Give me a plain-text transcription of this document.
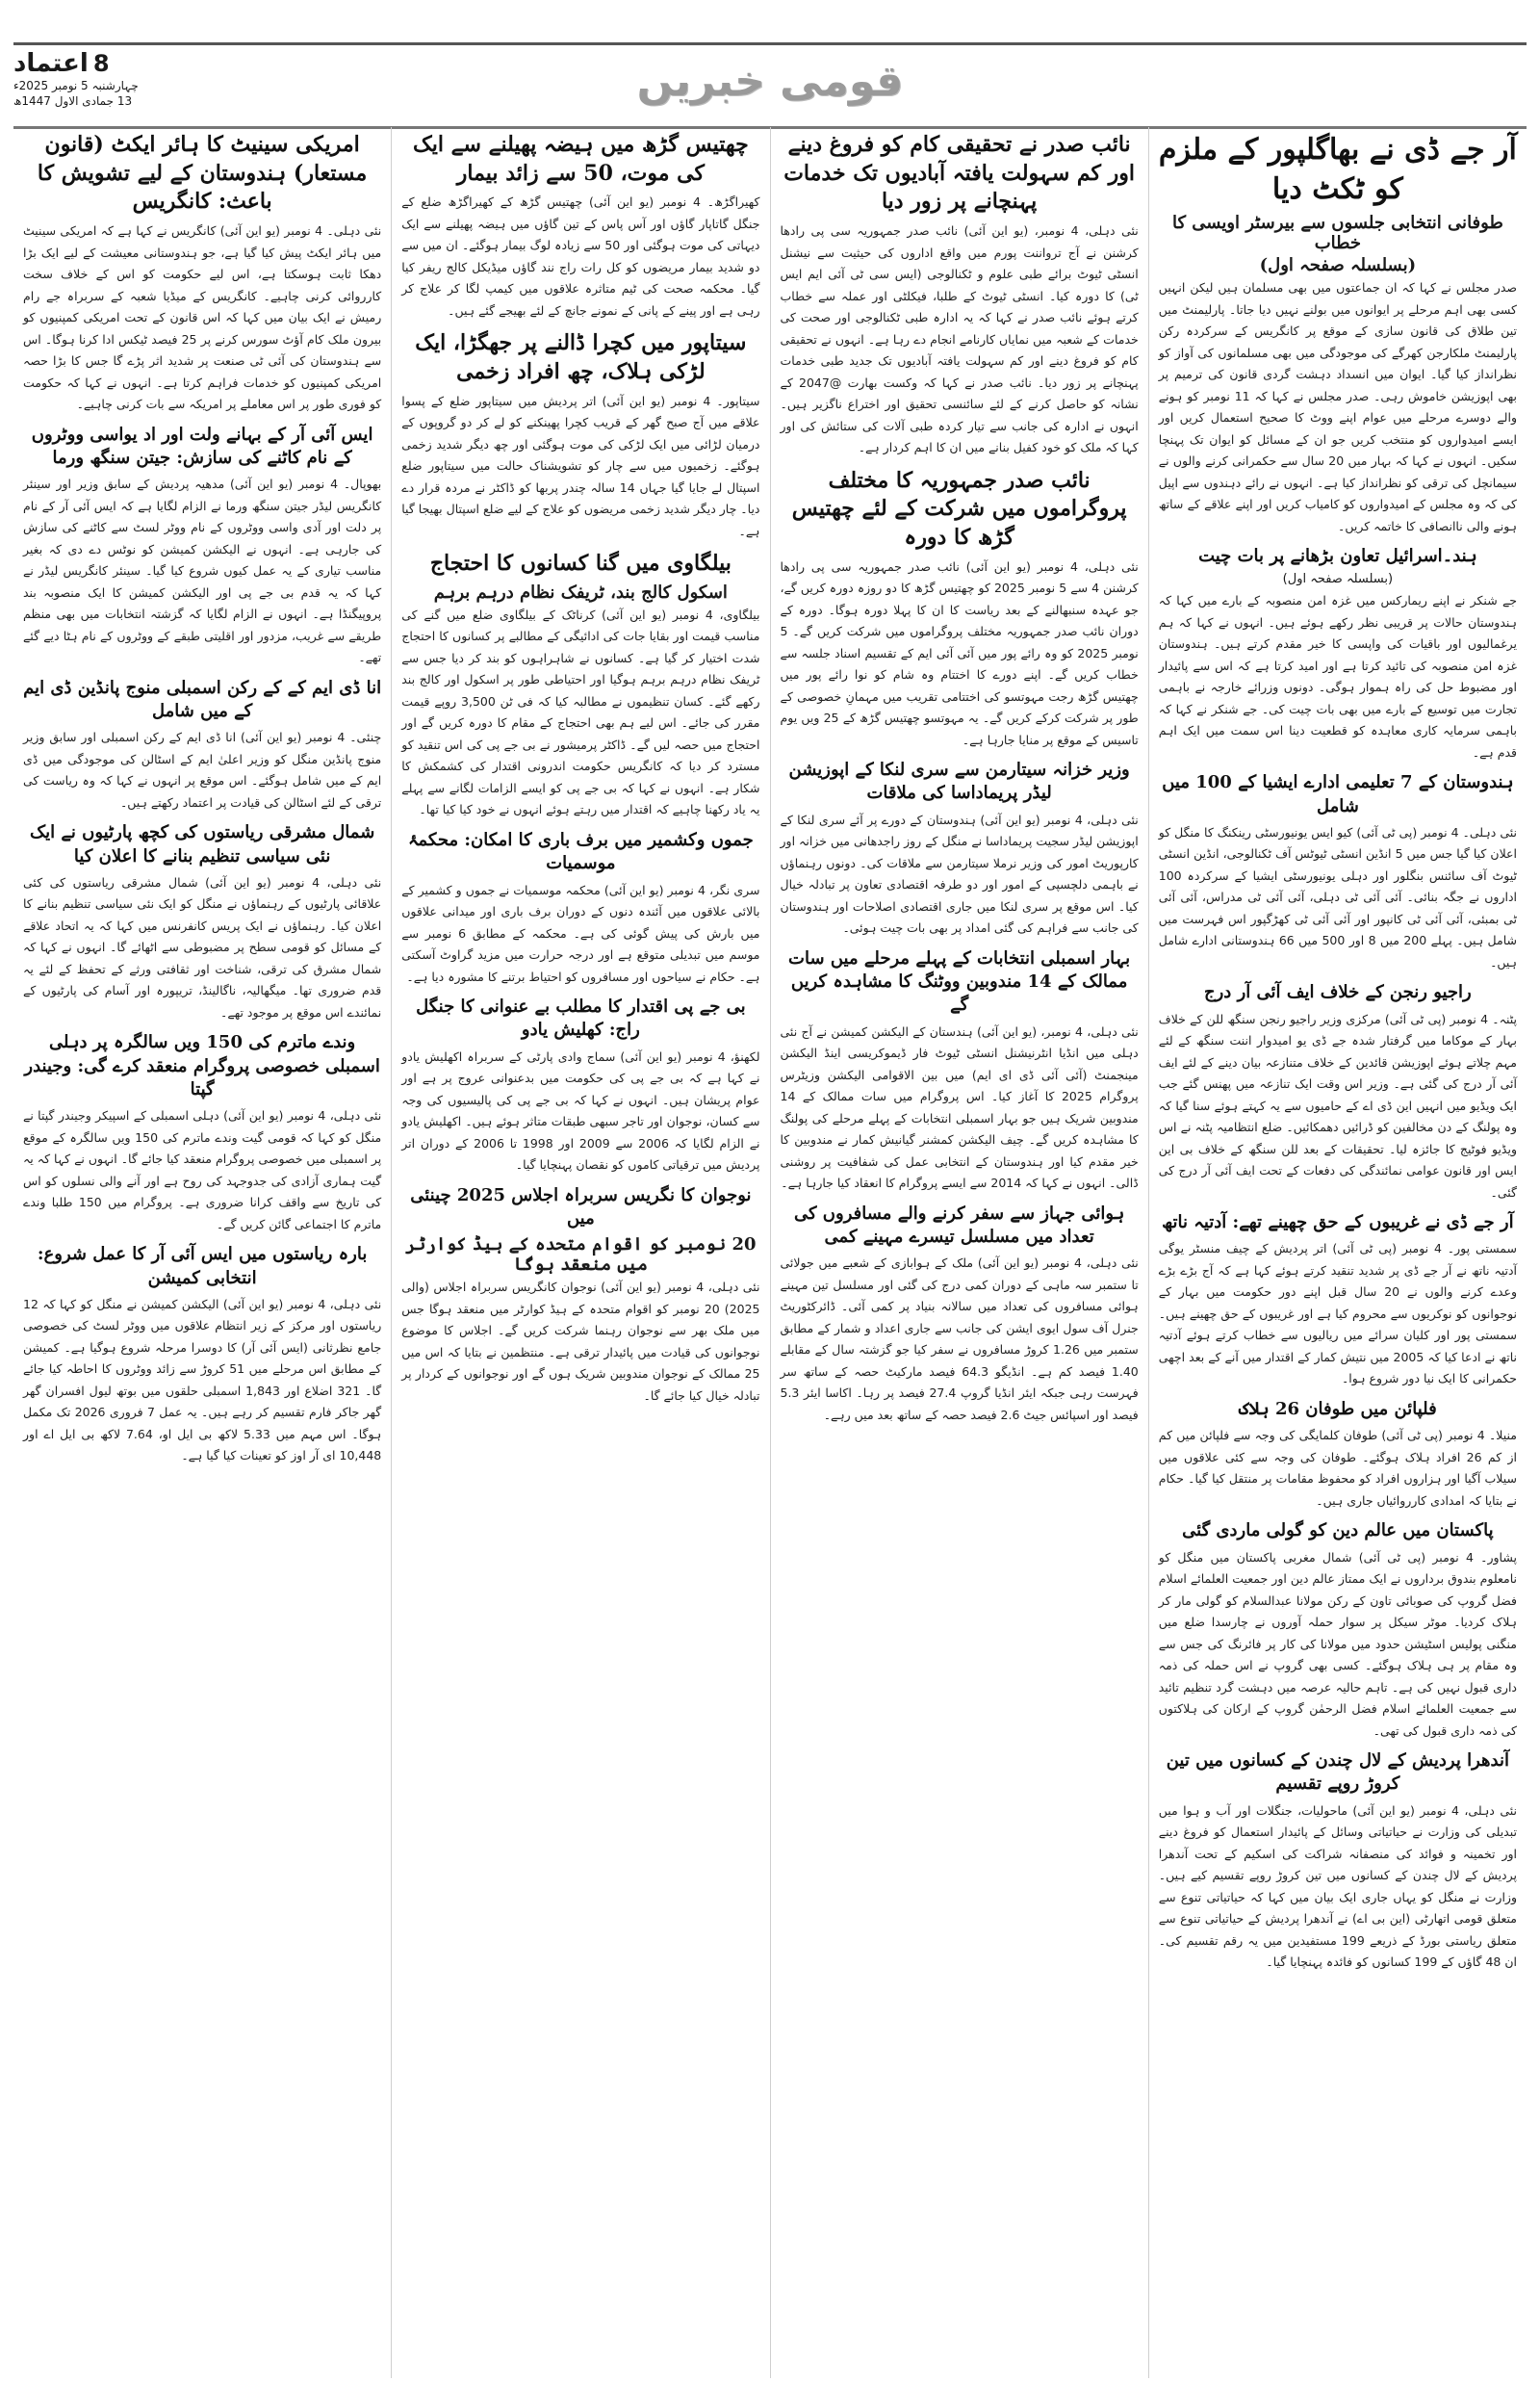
8 اعتماد
چہارشنبہ 5 نومبر 2025ء
13 جمادی الاول 1447ھ	قومی خبریں
آر جے ڈی نے بھاگلپور کے ملزم کو ٹکٹ دیا
طوفانی انتخابی جلسوں سے بیرسٹر اویسی کا خطاب
(بسلسلہ صفحہ اول)

صدر مجلس نے کہا کہ ان جماعتوں میں بھی مسلمان ہیں لیکن انہیں کسی بھی اہم مرحلے پر ایوانوں میں بولنے نہیں دیا جاتا۔ پارلیمنٹ میں تین طلاق کی قانون سازی کے موقع پر کانگریس کے سرکردہ رکن پارلیمنٹ ملکارجن کھرگے کی موجودگی میں بھی مسلمانوں کی آواز کو نظرانداز کیا گیا۔ ایوان میں انسداد دہشت گردی قانون کی ترمیم پر بھی اپوزیشن خاموش رہی۔ صدر مجلس نے کہا کہ 11 نومبر کو ہونے والے دوسرے مرحلے میں عوام اپنے ووٹ کا صحیح استعمال کریں اور ایسے امیدواروں کو منتخب کریں جو ان کے مسائل کو ایوان تک پہنچا سکیں۔ انہوں نے کہا کہ بہار میں 20 سال سے حکمرانی کرنے والوں نے سیمانچل کی ترقی کو نظرانداز کیا ہے۔ انہوں نے رائے دہندوں سے اپیل کی کہ وہ مجلس کے امیدواروں کو کامیاب کریں اور اپنے علاقے کے ساتھ ہونے والی ناانصافی کا خاتمہ کریں۔

ہند۔اسرائیل تعاون بڑھانے پر بات چیت
(بسلسلہ صفحہ اول)

جے شنکر نے اپنے ریمارکس میں غزہ امن منصوبہ کے بارے میں کہا کہ ہندوستان حالات پر قریبی نظر رکھے ہوئے ہیں۔ انہوں نے کہا کہ ہم یرغمالیوں اور باقیات کی واپسی کا خیر مقدم کرتے ہیں۔ ہندوستان غزہ امن منصوبہ کی تائید کرتا ہے اور امید کرتا ہے کہ اس سے پائیدار اور مضبوط حل کی راہ ہموار ہوگی۔ دونوں وزرائے خارجہ نے باہمی تجارت میں توسیع کے بارے میں بھی بات چیت کی۔ جے شنکر نے کہا کہ باہمی سرمایہ کاری معاہدہ کو قطعیت دینا اس سمت میں ایک اہم قدم ہے۔

ہندوستان کے 7 تعلیمی ادارے ایشیا کے 100 میں شامل

نئی دہلی۔ 4 نومبر (پی ٹی آئی) کیو ایس یونیورسٹی رینکنگ کا منگل کو اعلان کیا گیا جس میں 5 انڈین انسٹی ٹیوٹس آف ٹکنالوجی، انڈین انسٹی ٹیوٹ آف سائنس بنگلور اور دہلی یونیورسٹی ایشیا کے سرکردہ 100 اداروں نے جگہ بنائی۔ آئی آئی ٹی دہلی، آئی آئی ٹی مدراس، آئی آئی ٹی بمبئی، آئی آئی ٹی کانپور اور آئی آئی ٹی کھڑگپور اس فہرست میں شامل ہیں۔ پہلے 200 میں 8 اور 500 میں 66 ہندوستانی ادارے شامل ہیں۔

راجیو رنجن کے خلاف ایف آئی آر درج

پٹنہ۔ 4 نومبر (پی ٹی آئی) مرکزی وزیر راجیو رنجن سنگھ للن کے خلاف بہار کے موکاما میں گرفتار شدہ جے ڈی یو امیدوار اننت سنگھ کے لئے مہم چلاتے ہوئے اپوزیشن قائدین کے خلاف متنازعہ بیان دینے کے لئے ایف آئی آر درج کی گئی ہے۔ وزیر اس وقت ایک تنازعہ میں پھنس گئے جب ایک ویڈیو میں انہیں این ڈی اے کے حامیوں سے یہ کہتے ہوئے سنا گیا کہ وہ پولنگ کے دن مخالفین کو ڈرائیں دھمکائیں۔ ضلع انتظامیہ پٹنہ نے اس ویڈیو فوٹیج کا جائزہ لیا۔ تحقیقات کے بعد للن سنگھ کے خلاف بی این ایس اور قانون عوامی نمائندگی کی دفعات کے تحت ایف آئی آر درج کی گئی۔

آر جے ڈی نے غریبوں کے حق چھینے تھے: آدتیہ ناتھ

سمستی پور۔ 4 نومبر (پی ٹی آئی) اتر پردیش کے چیف منسٹر یوگی آدتیہ ناتھ نے آر جے ڈی پر شدید تنقید کرتے ہوئے کہا ہے کہ آج بڑے بڑے وعدے کرنے والوں نے 20 سال قبل اپنے دور حکومت میں بہار کے نوجوانوں کو نوکریوں سے محروم کیا ہے اور غریبوں کے حق چھینے ہیں۔ سمستی پور اور کلیان سرائے میں ریالیوں سے خطاب کرتے ہوئے آدتیہ ناتھ نے ادعا کیا کہ 2005 میں نتیش کمار کے اقتدار میں آنے کے بعد اچھی حکمرانی کا ایک نیا دور شروع ہوا۔

فلپائن میں طوفان 26 ہلاک

منیلا۔ 4 نومبر (پی ٹی آئی) طوفان کلمایگی کی وجہ سے فلپائن میں کم از کم 26 افراد ہلاک ہوگئے۔ طوفان کی وجہ سے کئی علاقوں میں سیلاب آگیا اور ہزاروں افراد کو محفوظ مقامات پر منتقل کیا گیا۔ حکام نے بتایا کہ امدادی کارروائیاں جاری ہیں۔

پاکستان میں عالم دین کو گولی ماردی گئی

پشاور۔ 4 نومبر (پی ٹی آئی) شمال مغربی پاکستان میں منگل کو نامعلوم بندوق برداروں نے ایک ممتاز عالم دین اور جمعیت العلمائے اسلام فضل گروپ کی صوبائی تاون کے رکن مولانا عبدالسلام کو گولی مار کر ہلاک کردیا۔ موٹر سیکل پر سوار حملہ آوروں نے چارسدا ضلع میں منگنی پولیس اسٹیشن حدود میں مولانا کی کار پر فائرنگ کی جس سے وہ مقام پر ہی ہلاک ہوگئے۔ کسی بھی گروپ نے اس حملہ کی ذمہ داری قبول نہیں کی ہے۔ تاہم حالیہ عرصہ میں دہشت گرد تنظیم تائید سے جمعیت العلمائے اسلام فضل الرحمٰن گروپ کے ارکان کی ہلاکتوں کی ذمہ داری قبول کی تھی۔

آندھرا پردیش کے لال چندن کے کسانوں میں تین کروڑ روپے تقسیم

نئی دہلی، 4 نومبر (یو این آئی) ماحولیات، جنگلات اور آب و ہوا میں تبدیلی کی وزارت نے حیاتیاتی وسائل کے پائیدار استعمال کو فروغ دینے اور تخمینہ و فوائد کی منصفانہ شراکت کی اسکیم کے تحت آندھرا پردیش کے لال چندن کے کسانوں میں تین کروڑ روپے تقسیم کیے ہیں۔ وزارت نے منگل کو یہاں جاری ایک بیان میں کہا کہ حیاتیاتی تنوع سے متعلق قومی اتھارٹی (این بی اے) نے آندھرا پردیش کے حیاتیاتی تنوع سے متعلق ریاستی بورڈ کے ذریعے 199 مستفیدین میں یہ رقم تقسیم کی۔ ان 48 گاؤں کے 199 کسانوں کو فائدہ پہنچایا گیا۔

نائب صدر نے تحقیقی کام کو فروغ دینے اور کم سہولت یافتہ آبادیوں تک خدمات پہنچانے پر زور دیا

نئی دہلی، 4 نومبر، (یو این آئی) نائب صدر جمہوریہ سی پی رادھا کرشنن نے آج ترواننت پورم میں واقع اداروں کی حیثیت سے نیشنل انسٹی ٹیوٹ برائے طبی علوم و ٹکنالوجی (ایس سی ٹی آئی ایم ایس ٹی) کا دورہ کیا۔ انسٹی ٹیوٹ کے طلبا، فیکلٹی اور عملہ سے خطاب کرتے ہوئے نائب صدر نے کہا کہ یہ ادارہ طبی ٹکنالوجی اور صحت کی خدمات کے شعبہ میں نمایاں کارنامے انجام دے رہا ہے۔ انہوں نے تحقیقی کام کو فروغ دینے اور کم سہولت یافتہ آبادیوں تک جدید طبی خدمات پہنچانے پر زور دیا۔ نائب صدر نے کہا کہ وکست بھارت @2047 کے نشانہ کو حاصل کرنے کے لئے سائنسی تحقیق اور اختراع ناگزیر ہیں۔ انہوں نے ادارہ کی جانب سے تیار کردہ طبی آلات کی ستائش کی اور کہا کہ ملک کو خود کفیل بنانے میں ان کا اہم کردار ہے۔

نائب صدر جمہوریہ کا مختلف پروگراموں میں شرکت کے لئے چھتیس گڑھ کا دورہ

نئی دہلی، 4 نومبر (یو این آئی) نائب صدر جمہوریہ سی پی رادھا کرشنن 4 سے 5 نومبر 2025 کو چھتیس گڑھ کا دو روزہ دورہ کریں گے، جو عہدہ سنبھالنے کے بعد ریاست کا ان کا پہلا دورہ ہوگا۔ دورہ کے دوران نائب صدر جمہوریہ مختلف پروگراموں میں شرکت کریں گے۔ 5 نومبر 2025 کو وہ رائے پور میں آئی آئی ایم کے تقسیم اسناد جلسہ سے خطاب کریں گے۔ اپنے دورے کا اختتام وہ شام کو نوا رائے پور میں چھتیس گڑھ رجت مہوتسو کی اختتامی تقریب میں مہمانِ خصوصی کے طور پر شرکت کرکے کریں گے۔ یہ مہوتسو چھتیس گڑھ کے 25 ویں یوم تاسیس کے موقع پر منایا جارہا ہے۔

وزیر خزانہ سیتارمن سے سری لنکا کے اپوزیشن لیڈر پریماداسا کی ملاقات

نئی دہلی، 4 نومبر (یو این آئی) ہندوستان کے دورے پر آئے سری لنکا کے اپوزیشن لیڈر سجیت پریماداسا نے منگل کے روز راجدھانی میں خزانہ اور کارپوریٹ امور کی وزیر نرملا سیتارمن سے ملاقات کی۔ دونوں رہنماؤں نے باہمی دلچسپی کے امور اور دو طرفہ اقتصادی تعاون پر تبادلہ خیال کیا۔ اس موقع پر سری لنکا میں جاری اقتصادی اصلاحات اور ہندوستان کی جانب سے فراہم کی گئی امداد پر بھی بات چیت ہوئی۔

بہار اسمبلی انتخابات کے پہلے مرحلے میں سات ممالک کے 14 مندوبین ووٹنگ کا مشاہدہ کریں گے

نئی دہلی، 4 نومبر، (یو این آئی) ہندستان کے الیکشن کمیشن نے آج نئی دہلی میں انڈیا انٹرنیشنل انسٹی ٹیوٹ فار ڈیموکریسی اینڈ الیکشن مینجمنٹ (آئی آئی ڈی ای ایم) میں بین الاقوامی الیکشن وزیٹرس پروگرام 2025 کا آغاز کیا۔ اس پروگرام میں سات ممالک کے 14 مندوبین شریک ہیں جو بہار اسمبلی انتخابات کے پہلے مرحلے کی پولنگ کا مشاہدہ کریں گے۔ چیف الیکشن کمشنر گیانیش کمار نے مندوبین کا خیر مقدم کیا اور ہندوستان کے انتخابی عمل کی شفافیت پر روشنی ڈالی۔ انہوں نے کہا کہ 2014 سے ایسے پروگرام کا انعقاد کیا جارہا ہے۔

ہوائی جہاز سے سفر کرنے والے مسافروں کی تعداد میں مسلسل تیسرے مہینے کمی

نئی دہلی، 4 نومبر (یو این آئی) ملک کے ہوابازی کے شعبے میں جولائی تا ستمبر سہ ماہی کے دوران کمی درج کی گئی اور مسلسل تین مہینے ہوائی مسافروں کی تعداد میں سالانہ بنیاد پر کمی آئی۔ ڈائرکٹوریٹ جنرل آف سول ایوی ایشن کی جانب سے جاری اعداد و شمار کے مطابق ستمبر میں 1.26 کروڑ مسافروں نے سفر کیا جو گزشتہ سال کے مقابلے 1.40 فیصد کم ہے۔ انڈیگو 64.3 فیصد مارکیٹ حصہ کے ساتھ سر فہرست رہی جبکہ ایئر انڈیا گروپ 27.4 فیصد پر رہا۔ اکاسا ایئر 5.3 فیصد اور اسپائس جیٹ 2.6 فیصد حصہ کے ساتھ بعد میں رہے۔

چھتیس گڑھ میں ہیضہ پھیلنے سے ایک کی موت، 50 سے زائد بیمار

کھیراگڑھ۔ 4 نومبر (یو این آئی) چھتیس گڑھ کے کھیراگڑھ ضلع کے جنگل گاتاپار گاؤں اور آس پاس کے تین گاؤں میں ہیضہ پھیلنے سے ایک دیہاتی کی موت ہوگئی اور 50 سے زیادہ لوگ بیمار ہوگئے۔ ان میں سے دو شدید بیمار مریضوں کو کل رات راج نند گاؤں میڈیکل کالج ریفر کیا گیا۔ محکمہ صحت کی ٹیم متاثرہ علاقوں میں کیمپ لگا کر علاج کر رہی ہے اور پینے کے پانی کے نمونے جانچ کے لئے بھیجے گئے ہیں۔

سیتاپور میں کچرا ڈالنے پر جھگڑا، ایک لڑکی ہلاک، چھ افراد زخمی

سیتاپور۔ 4 نومبر (یو این آئی) اتر پردیش میں سیتاپور ضلع کے پسوا علاقے میں آج صبح گھر کے قریب کچرا پھینکنے کو لے کر دو گروپوں کے درمیان لڑائی میں ایک لڑکی کی موت ہوگئی اور چھ دیگر شدید زخمی ہوگئے۔ زخمیوں میں سے چار کو تشویشناک حالت میں سیتاپور ضلع اسپتال لے جایا گیا جہاں 14 سالہ چندر پربھا کو ڈاکٹر نے مردہ قرار دے دیا۔ چار دیگر شدید زخمی مریضوں کو علاج کے لیے ضلع اسپتال بھیجا گیا ہے۔

بیلگاوی میں گنا کسانوں کا احتجاج
اسکول کالج بند، ٹریفک نظام درہم برہم

بیلگاوی، 4 نومبر (یو این آئی) کرناٹک کے بیلگاوی ضلع میں گنے کی مناسب قیمت اور بقایا جات کی ادائیگی کے مطالبے پر کسانوں کا احتجاج شدت اختیار کر گیا ہے۔ کسانوں نے شاہراہوں کو بند کر دیا جس سے ٹریفک نظام درہم برہم ہوگیا اور احتیاطی طور پر اسکول اور کالج بند رکھے گئے۔ کسان تنظیموں نے مطالبہ کیا کہ فی ٹن 3,500 روپے قیمت مقرر کی جائے۔ اس لیے ہم بھی احتجاج کے مقام کا دورہ کریں گے اور احتجاج میں حصہ لیں گے۔ ڈاکٹر پرمیشور نے بی جے پی کی اس تنقید کو مسترد کر دیا کہ کانگریس حکومت اندرونی اقتدار کی کشمکش کا شکار ہے۔ انہوں نے کہا کہ بی جے پی کو ایسے الزامات لگانے سے پہلے یہ یاد رکھنا چاہیے کہ اقتدار میں رہتے ہوئے انہوں نے خود کیا کیا تھا۔

جموں وکشمیر میں برف باری کا امکان: محکمۂ موسمیات

سری نگر، 4 نومبر (یو این آئی) محکمہ موسمیات نے جموں و کشمیر کے بالائی علاقوں میں آئندہ دنوں کے دوران برف باری اور میدانی علاقوں میں بارش کی پیش گوئی کی ہے۔ محکمہ کے مطابق 6 نومبر سے موسم میں تبدیلی متوقع ہے اور درجہ حرارت میں مزید گراوٹ آسکتی ہے۔ حکام نے سیاحوں اور مسافروں کو احتیاط برتنے کا مشورہ دیا ہے۔

بی جے پی اقتدار کا مطلب بے عنوانی کا جنگل راج: کھلیش یادو

لکھنؤ، 4 نومبر (یو این آئی) سماج وادی پارٹی کے سربراہ اکھلیش یادو نے کہا ہے کہ بی جے پی کی حکومت میں بدعنوانی عروج پر ہے اور عوام پریشان ہیں۔ انہوں نے کہا کہ بی جے پی کی پالیسیوں کی وجہ سے کسان، نوجوان اور تاجر سبھی طبقات متاثر ہوئے ہیں۔ اکھلیش یادو نے الزام لگایا کہ 2006 سے 2009 اور 1998 تا 2006 کے دوران اتر پردیش میں ترقیاتی کاموں کو نقصان پہنچایا گیا۔

نوجوان کا نگریس سربراہ اجلاس 2025 چینئی میں
20 نومبر کو اقوام متحدہ کے ہیڈ کوارٹر میں منعقد ہوگا

نئی دہلی، 4 نومبر (یو این آئی) نوجوان کانگریس سربراہ اجلاس (والی 2025) 20 نومبر کو اقوام متحدہ کے ہیڈ کوارٹر میں منعقد ہوگا جس میں ملک بھر سے نوجوان رہنما شرکت کریں گے۔ اجلاس کا موضوع نوجوانوں کی قیادت میں پائیدار ترقی ہے۔ منتظمین نے بتایا کہ اس میں 25 ممالک کے نوجوان مندوبین شریک ہوں گے اور نوجوانوں کے کردار پر تبادلہ خیال کیا جائے گا۔

امریکی سینیٹ کا ہائر ایکٹ (قانون مستعار) ہندوستان کے لیے تشویش کا باعث: کانگریس

نئی دہلی۔ 4 نومبر (یو این آئی) کانگریس نے کہا ہے کہ امریکی سینیٹ میں ہائر ایکٹ پیش کیا گیا ہے، جو ہندوستانی معیشت کے لیے ایک بڑا دھکا ثابت ہوسکتا ہے، اس لیے حکومت کو اس کے خلاف سخت کارروائی کرنی چاہیے۔ کانگریس کے میڈیا شعبہ کے سربراہ جے رام رمیش نے ایک بیان میں کہا کہ اس قانون کے تحت امریکی کمپنیوں کو بیرون ملک کام آؤٹ سورس کرنے پر 25 فیصد ٹیکس ادا کرنا ہوگا۔ اس سے ہندوستان کی آئی ٹی صنعت پر شدید اثر پڑے گا جس کا بڑا حصہ امریکی کمپنیوں کو خدمات فراہم کرتا ہے۔ انہوں نے کہا کہ حکومت کو فوری طور پر اس معاملے پر امریکہ سے بات کرنی چاہیے۔

ایس آئی آر کے بہانے ولت اور اد یواسی ووٹروں کے نام کاٹنے کی سازش: جیتن سنگھ ورما

بھوپال۔ 4 نومبر (یو این آئی) مدھیہ پردیش کے سابق وزیر اور سینئر کانگریس لیڈر جیتن سنگھ ورما نے الزام لگایا ہے کہ ایس آئی آر کے نام پر دلت اور آدی واسی ووٹروں کے نام ووٹر لسٹ سے کاٹنے کی سازش کی جارہی ہے۔ انہوں نے الیکشن کمیشن کو نوٹس دے دی کہ بغیر مناسب تیاری کے یہ عمل کیوں شروع کیا گیا۔ سینئر کانگریس لیڈر نے کہا کہ یہ قدم بی جے پی اور الیکشن کمیشن کا ایک منصوبہ بند پروپیگنڈا ہے۔ انہوں نے الزام لگایا کہ گزشتہ انتخابات میں بھی منظم طریقے سے غریب، مزدور اور اقلیتی طبقے کے ووٹروں کے نام ہٹا دیے گئے تھے۔

انا ڈی ایم کے کے رکن اسمبلی منوج پانڈین ڈی ایم کے میں شامل

چنئی۔ 4 نومبر (یو این آئی) انا ڈی ایم کے رکن اسمبلی اور سابق وزیر منوج پانڈین منگل کو وزیر اعلیٰ ایم کے اسٹالن کی موجودگی میں ڈی ایم کے میں شامل ہوگئے۔ اس موقع پر انہوں نے کہا کہ وہ ریاست کی ترقی کے لئے اسٹالن کی قیادت پر اعتماد رکھتے ہیں۔

شمال مشرقی ریاستوں کی کچھ پارٹیوں نے ایک نئی سیاسی تنظیم بنانے کا اعلان کیا

نئی دہلی، 4 نومبر (یو این آئی) شمال مشرقی ریاستوں کی کئی علاقائی پارٹیوں کے رہنماؤں نے منگل کو ایک نئی سیاسی تنظیم بنانے کا اعلان کیا۔ رہنماؤں نے ایک پریس کانفرنس میں کہا کہ یہ اتحاد علاقے کے مسائل کو قومی سطح پر مضبوطی سے اٹھائے گا۔ انہوں نے کہا کہ شمال مشرق کی ترقی، شناخت اور ثقافتی ورثے کے تحفظ کے لئے یہ قدم ضروری تھا۔ میگھالیہ، ناگالینڈ، تریپورہ اور آسام کی پارٹیوں کے نمائندے اس موقع پر موجود تھے۔

وندے ماترم کی 150 ویں سالگرہ پر دہلی اسمبلی خصوصی پروگرام منعقد کرے گی: وجیندر گپتا

نئی دہلی، 4 نومبر (یو این آئی) دہلی اسمبلی کے اسپیکر وجیندر گپتا نے منگل کو کہا کہ قومی گیت وندے ماترم کی 150 ویں سالگرہ کے موقع پر اسمبلی میں خصوصی پروگرام منعقد کیا جائے گا۔ انہوں نے کہا کہ یہ گیت ہماری آزادی کی جدوجہد کی روح ہے اور آنے والی نسلوں کو اس کی تاریخ سے واقف کرانا ضروری ہے۔ پروگرام میں 150 طلبا وندے ماترم کا اجتماعی گائن کریں گے۔

بارہ ریاستوں میں ایس آئی آر کا عمل شروع: انتخابی کمیشن

نئی دہلی، 4 نومبر (یو این آئی) الیکشن کمیشن نے منگل کو کہا کہ 12 ریاستوں اور مرکز کے زیر انتظام علاقوں میں ووٹر لسٹ کی خصوصی جامع نظرثانی (ایس آئی آر) کا دوسرا مرحلہ شروع ہوگیا ہے۔ کمیشن کے مطابق اس مرحلے میں 51 کروڑ سے زائد ووٹروں کا احاطہ کیا جائے گا۔ 321 اضلاع اور 1,843 اسمبلی حلقوں میں بوتھ لیول افسران گھر گھر جاکر فارم تقسیم کر رہے ہیں۔ یہ عمل 7 فروری 2026 تک مکمل ہوگا۔ اس مہم میں 5.33 لاکھ بی ایل او، 7.64 لاکھ بی ایل اے اور 10,448 ای آر اوز کو تعینات کیا گیا ہے۔
